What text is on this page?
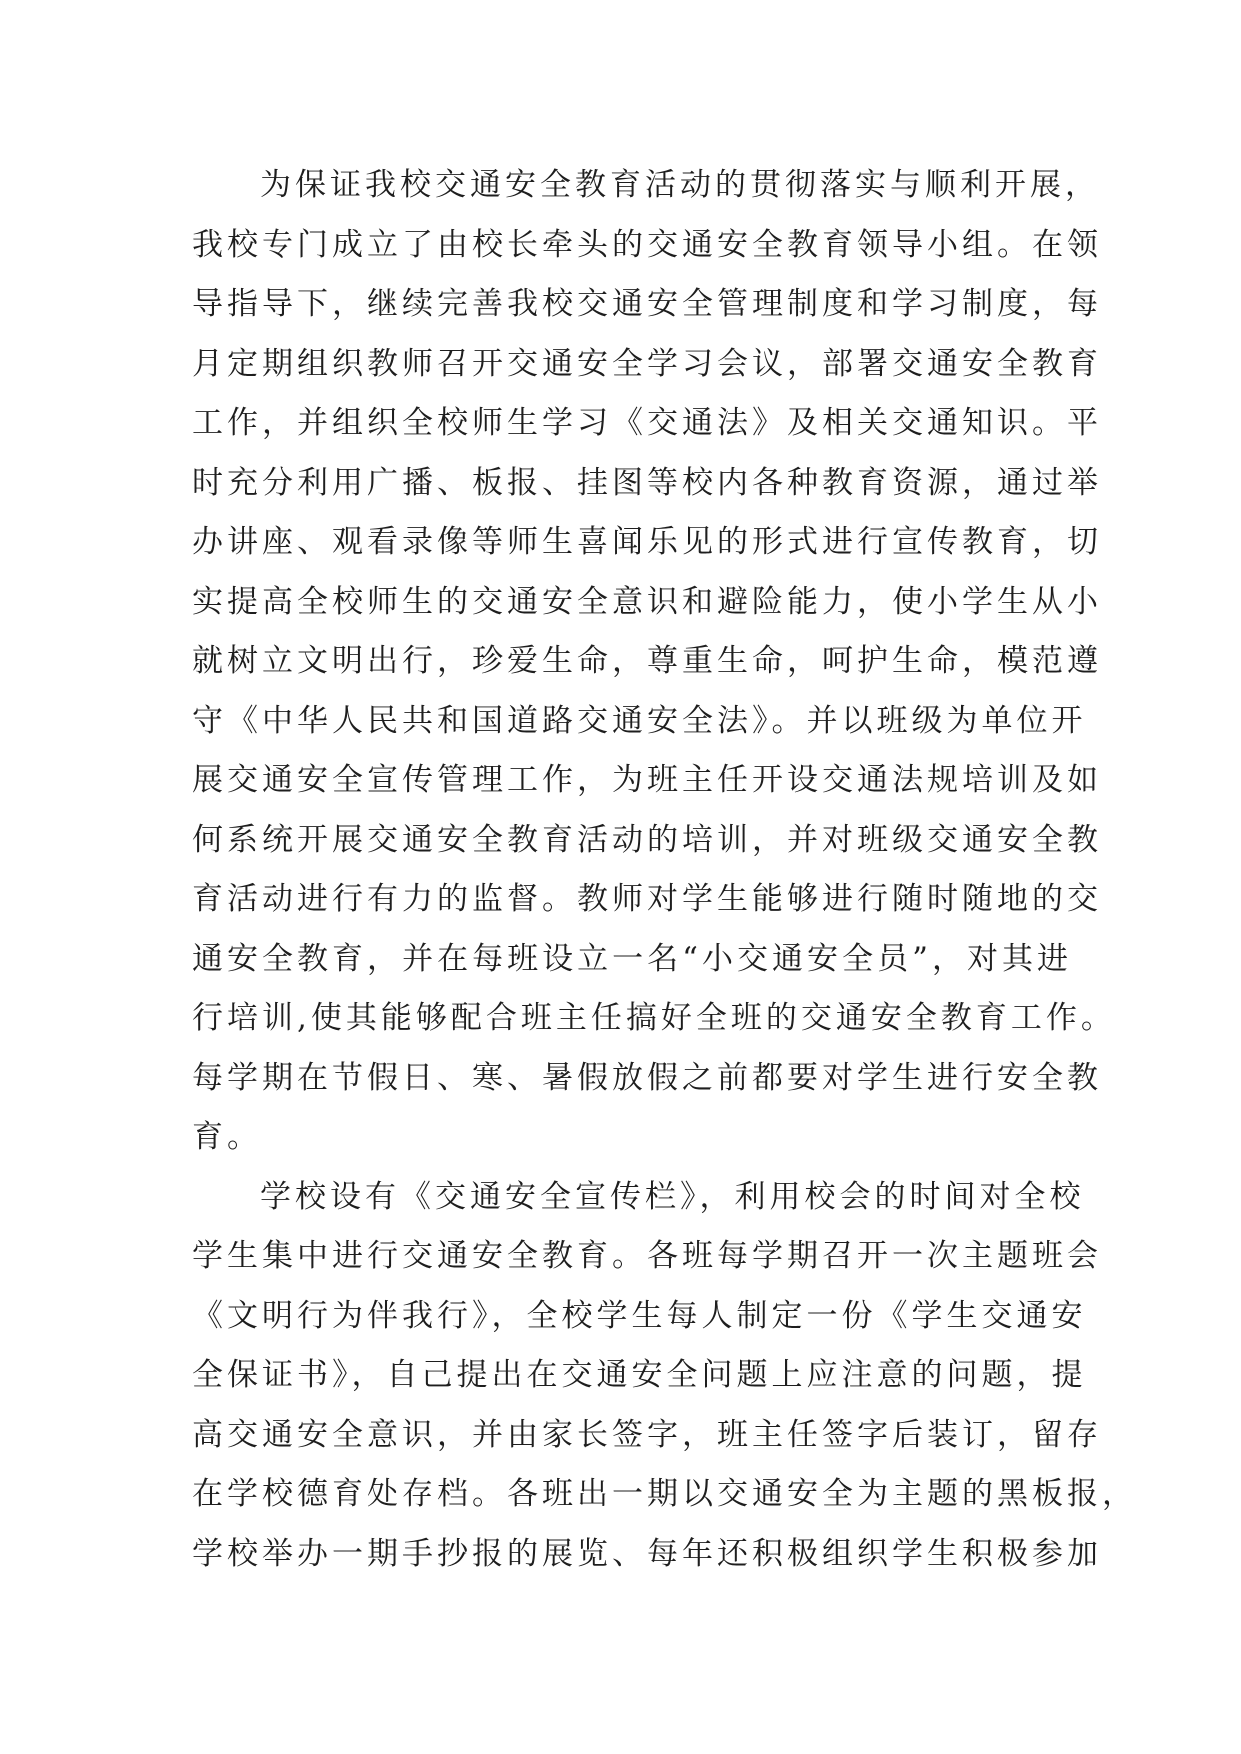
为保证我校交通安全教育活动的贯彻落实与顺利开展，
我校专门成立了由校长牵头的交通安全教育领导小组。在领
导指导下，继续完善我校交通安全管理制度和学习制度，每
月定期组织教师召开交通安全学习会议，部署交通安全教育
工作，并组织全校师生学习《交通法》及相关交通知识。平
时充分利用广播、板报、挂图等校内各种教育资源，通过举
办讲座、观看录像等师生喜闻乐见的形式进行宣传教育，切
实提高全校师生的交通安全意识和避险能力，使小学生从小
就树立文明出行，珍爱生命，尊重生命，呵护生命，模范遵
守《中华人民共和国道路交通安全法》。并以班级为单位开
展交通安全宣传管理工作，为班主任开设交通法规培训及如
何系统开展交通安全教育活动的培训，并对班级交通安全教
育活动进行有力的监督。教师对学生能够进行随时随地的交
通安全教育，并在每班设立一名“小交通安全员”，对其进
行培训,使其能够配合班主任搞好全班的交通安全教育工作。
每学期在节假日、寒、暑假放假之前都要对学生进行安全教
育。
学校设有《交通安全宣传栏》，利用校会的时间对全校
学生集中进行交通安全教育。各班每学期召开一次主题班会
《文明行为伴我行》，全校学生每人制定一份《学生交通安
全保证书》，自己提出在交通安全问题上应注意的问题，提
高交通安全意识，并由家长签字，班主任签字后装订，留存
在学校德育处存档。各班出一期以交通安全为主题的黑板报，
学校举办一期手抄报的展览、每年还积极组织学生积极参加
